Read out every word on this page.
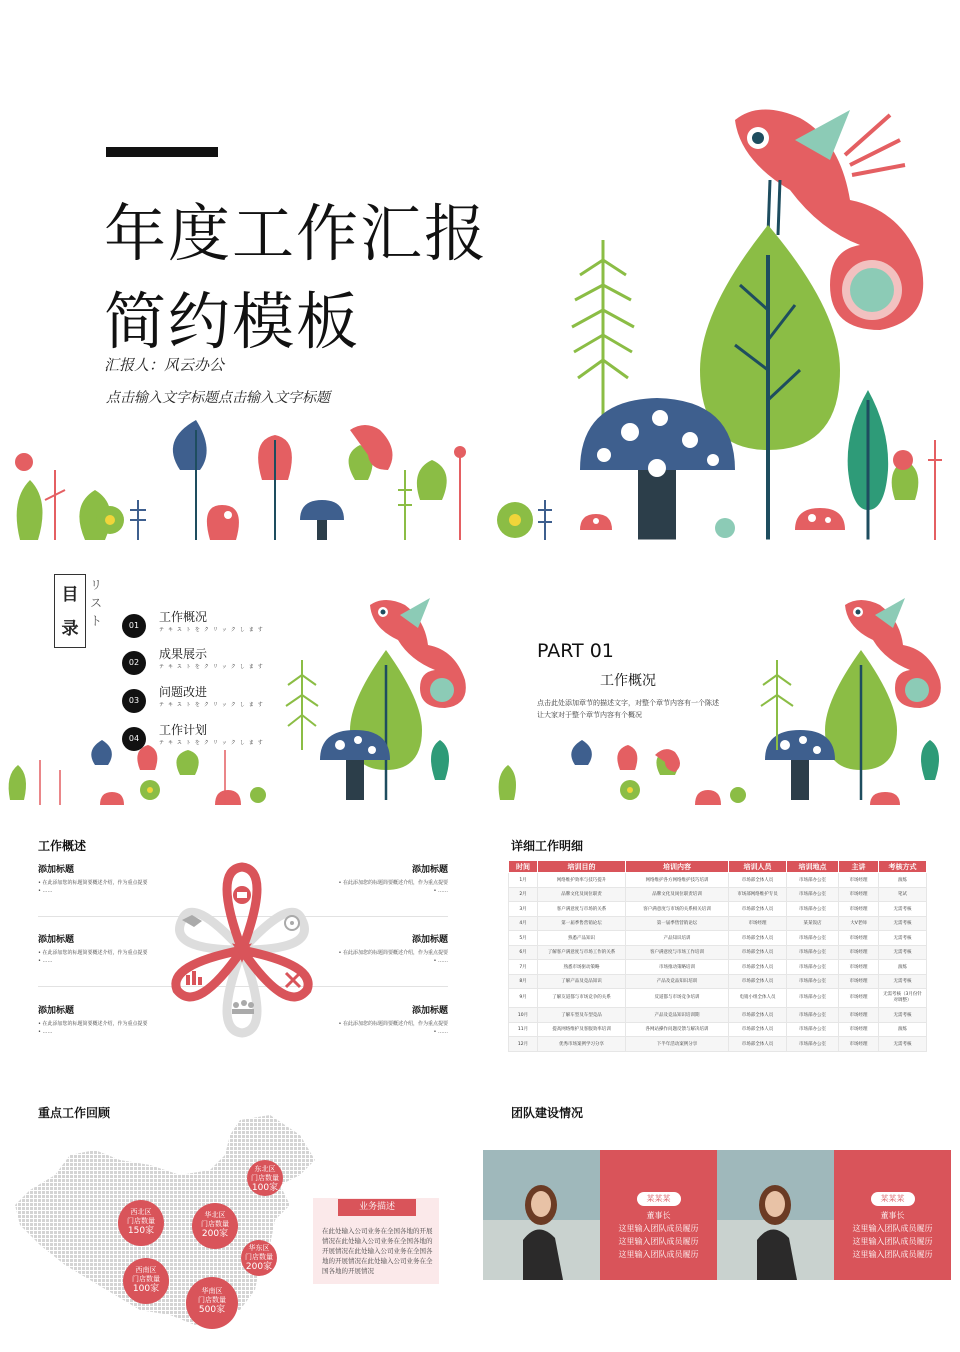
年度工作汇报
简约模板
汇报人：风云办公
点击输入文字标题点击输入文字标题
目
录
リスト	01
工作概况
テキストをクリックします
02
成果展示
テキストをクリックします
03
问题改进
テキストをクリックします
04
工作计划
テキストをクリックします
PART 01
工作概况
点击此处添加章节的描述文字，对整个章节内容有一个陈述让大家对于整个章节内容有个概况
工作概述
添加标题

• 在此添加您的标题简要概述介绍，作为重点提要

• ……

添加标题

• 在此添加您的标题简要概述介绍，作为重点提要

• ……

添加标题

• 在此添加您的标题简要概述介绍，作为重点提要

• ……

添加标题

• 在此添加您的标题简要概述介绍，作为重点提要

• ……

添加标题

• 在此添加您的标题简要概述介绍，作为重点提要

• ……

添加标题

• 在此添加您的标题简要概述介绍，作为重点提要

• ……

详细工作明细
时间	培训目的	培训内容	培训人员	培训地点	主讲	考核方式
1月	网络维护效率与技巧提升	网络维护各方网络维护技巧培训	市场部全体人员	市场部办公室	市场经理	演练
2月	品牌文化及岗位职责	品牌文化及岗位职责培训	市场部网络维护专员	市场部办公室	市场经理	笔试
3月	客户满意度与市场的关系	客户满意度与市场的关系相关培训	市场部全体人员	市场部办公室	市场经理	无需考核
4月	第一届季售营销论坛	第一届季售营销论坛	市场经理	某某饭店	大V老师	无需考核
5月	熟悉产品知识	产品知识培训	市场部全体人员	市场部办公室	市场经理	无需考核
6月	了解客户满意度与市场工作的关系	客户满意度与市场工作培训	市场部全体人员	市场部办公室	市场经理	无需考核
7月	熟悉市场驱动策略	市场推动策略培训	市场部全体人员	市场部办公室	市场经理	演练
8月	了解产品及竞品知识	产品及竞品知识培训	市场部全体人员	市场部办公室	市场经理	无需考核
9月	了解友道都与市场竞争的关系	反道都与市场竞争培训	电销小组全体人员	市场部办公室	市场经理	无需考核（3月份针对调整）
10月	了解车型及车型竞品	产品及竞品知识培训期	市场部全体人员	市场部办公室	市场经理	无需考核
11月	提高网络维护及客服效率培训	各网站操作问题反馈与解决培训	市场部全体人员	市场部办公室	市场经理	演练
12月	优秀市场案例学习分享	下半年活动案例分享	市场部全体人员	市场部办公室	市场经理	无需考核
重点工作回顾
东北区
门店数量
100家
西北区
门店数量
150家
华北区
门店数量
200家
华东区
门店数量
200家
西南区
门店数量
100家	华南区
门店数量
500家
业务描述
在此处输入公司业务在全国各地的开展情况在此处输入公司业务在全国各地的开展情况在此处输入公司业务在全国各地的开展情况在此处输入公司业务在全国各地的开展情况
团队建设情况
某某某
董事长
这里输入团队成员履历
这里输入团队成员履历
这里输入团队成员履历
某某某
董事长
这里输入团队成员履历
这里输入团队成员履历
这里输入团队成员履历
